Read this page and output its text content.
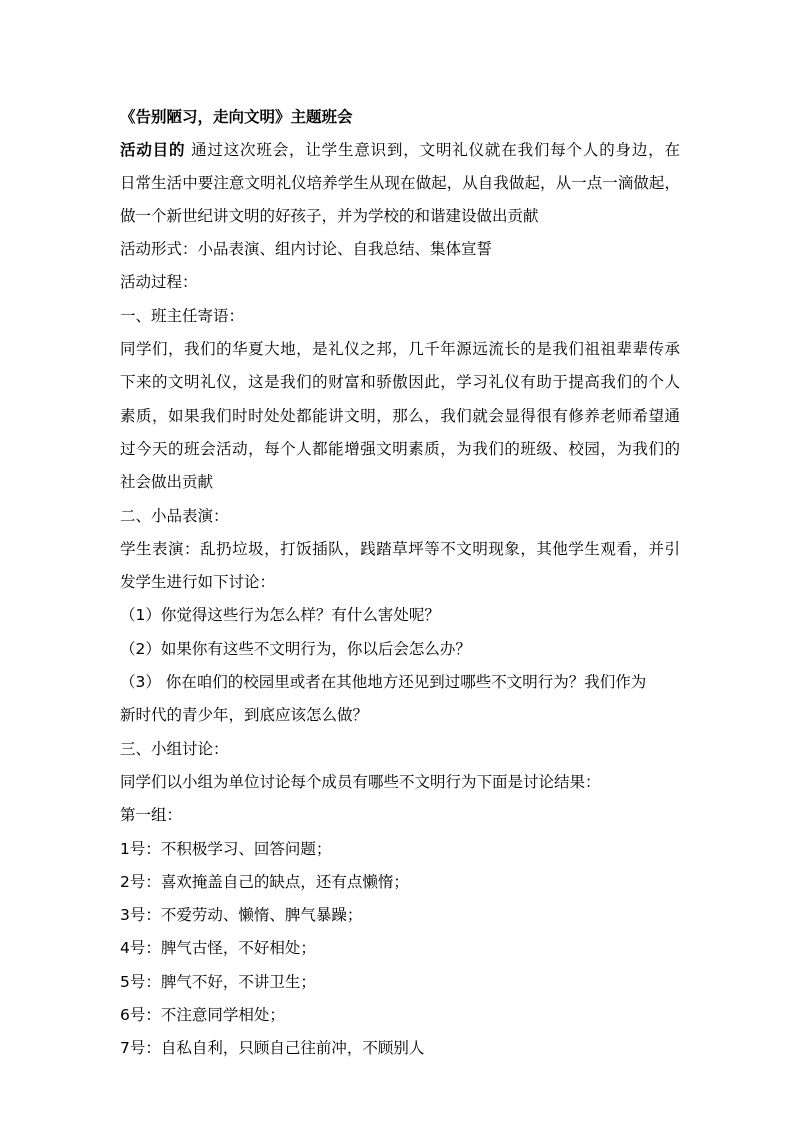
《告别陋习，走向文明》主题班会
活动目的 通过这次班会，让学生意识到，文明礼仪就在我们每个人的身边，在
日常生活中要注意文明礼仪培养学生从现在做起，从自我做起，从一点一滴做起，
做一个新世纪讲文明的好孩子，并为学校的和谐建设做出贡献
活动形式：小品表演、组内讨论、自我总结、集体宣誓
活动过程：
一、班主任寄语：
同学们，我们的华夏大地，是礼仪之邦，几千年源远流长的是我们祖祖辈辈传承
下来的文明礼仪，这是我们的财富和骄傲因此，学习礼仪有助于提高我们的个人
素质，如果我们时时处处都能讲文明，那么，我们就会显得很有修养老师希望通
过今天的班会活动，每个人都能增强文明素质，为我们的班级、校园，为我们的
社会做出贡献
二、小品表演：
学生表演：乱扔垃圾，打饭插队，践踏草坪等不文明现象，其他学生观看，并引
发学生进行如下讨论：
（1）你觉得这些行为怎么样？有什么害处呢？
（2）如果你有这些不文明行为，你以后会怎么办？
（3） 你在咱们的校园里或者在其他地方还见到过哪些不文明行为？我们作为
新时代的青少年，到底应该怎么做？
三、小组讨论：
同学们以小组为单位讨论每个成员有哪些不文明行为下面是讨论结果：
第一组：
1号：不积极学习、回答问题；
2号：喜欢掩盖自己的缺点，还有点懒惰；
3号：不爱劳动、懒惰、脾气暴躁；
4号：脾气古怪，不好相处；
5号：脾气不好，不讲卫生；
6号：不注意同学相处；
7号：自私自利，只顾自己往前冲，不顾别人
